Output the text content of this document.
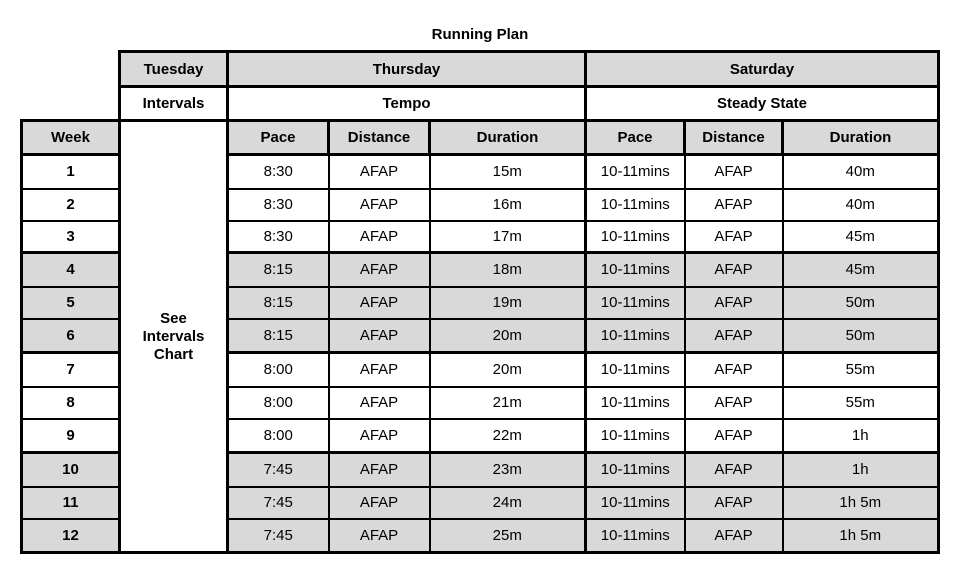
Running Plan
	Tuesday	Thursday			Saturday		
	Intervals	Tempo			Steady State		
Week	See Intervals Chart	Pace	Distance	Duration	Pace	Distance	Duration
1		8:30	AFAP	15m	10-11mins	AFAP	40m
2		8:30	AFAP	16m	10-11mins	AFAP	40m
3		8:30	AFAP	17m	10-11mins	AFAP	45m
4		8:15	AFAP	18m	10-11mins	AFAP	45m
5		8:15	AFAP	19m	10-11mins	AFAP	50m
6		8:15	AFAP	20m	10-11mins	AFAP	50m
7		8:00	AFAP	20m	10-11mins	AFAP	55m
8		8:00	AFAP	21m	10-11mins	AFAP	55m
9		8:00	AFAP	22m	10-11mins	AFAP	1h
10		7:45	AFAP	23m	10-11mins	AFAP	1h
11		7:45	AFAP	24m	10-11mins	AFAP	1h 5m
12		7:45	AFAP	25m	10-11mins	AFAP	1h 5m
